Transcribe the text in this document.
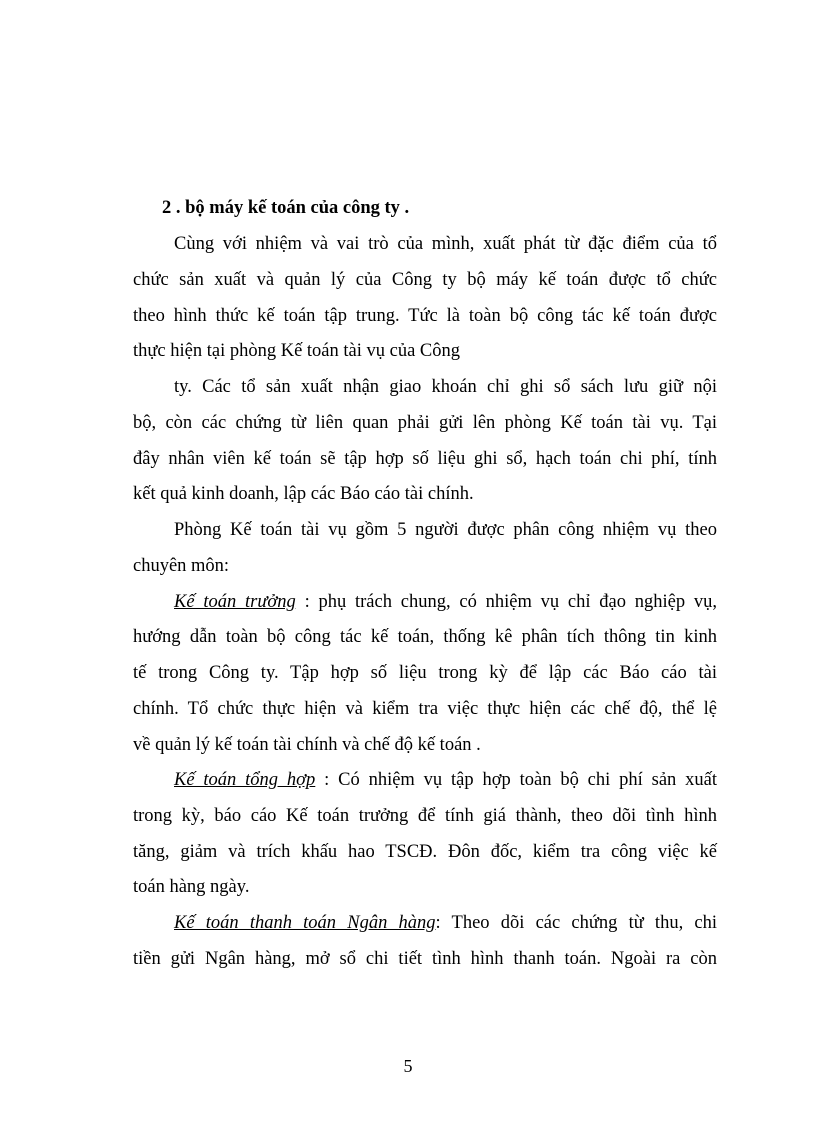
2 . bộ máy kế toán của công ty .
Cùng với nhiệm và vai trò của mình, xuất phát từ đặc điểm của tổ
chức sản xuất và quản lý của Công ty bộ máy kế toán được tổ chức
theo hình thức kế toán tập trung. Tức là toàn bộ công tác kế toán được
thực hiện tại phòng Kế toán tài vụ của Công
ty. Các tổ sản xuất nhận giao khoán chỉ ghi sổ sách lưu giữ nội
bộ, còn các chứng từ liên quan phải gửi lên phòng Kế toán tài vụ. Tại
đây nhân viên kế toán sẽ tập hợp số liệu ghi sổ, hạch toán chi phí, tính
kết quả kinh doanh, lập các Báo cáo tài chính.
Phòng Kế toán tài vụ gồm 5 người được phân công nhiệm vụ theo
chuyên môn:
Kế toán trưởng : phụ trách chung, có nhiệm vụ chỉ đạo nghiệp vụ,
hướng dẫn toàn bộ công tác kế toán, thống kê phân tích thông tin kinh
tế trong Công ty. Tập hợp số liệu trong kỳ để lập các Báo cáo tài
chính. Tổ chức thực hiện và kiểm tra việc thực hiện các chế độ, thể lệ
về quản lý kế toán tài chính và chế độ kế toán .
Kế toán tổng hợp : Có nhiệm vụ tập hợp toàn bộ chi phí sản xuất
trong kỳ, báo cáo Kế toán trưởng để tính giá thành, theo dõi tình hình
tăng, giảm và trích khấu hao TSCĐ. Đôn đốc, kiểm tra công việc kế
toán hàng ngày.
Kế toán thanh toán Ngân hàng: Theo dõi các chứng từ thu, chi
tiền gửi Ngân hàng, mở sổ chi tiết tình hình thanh toán. Ngoài ra còn
5
